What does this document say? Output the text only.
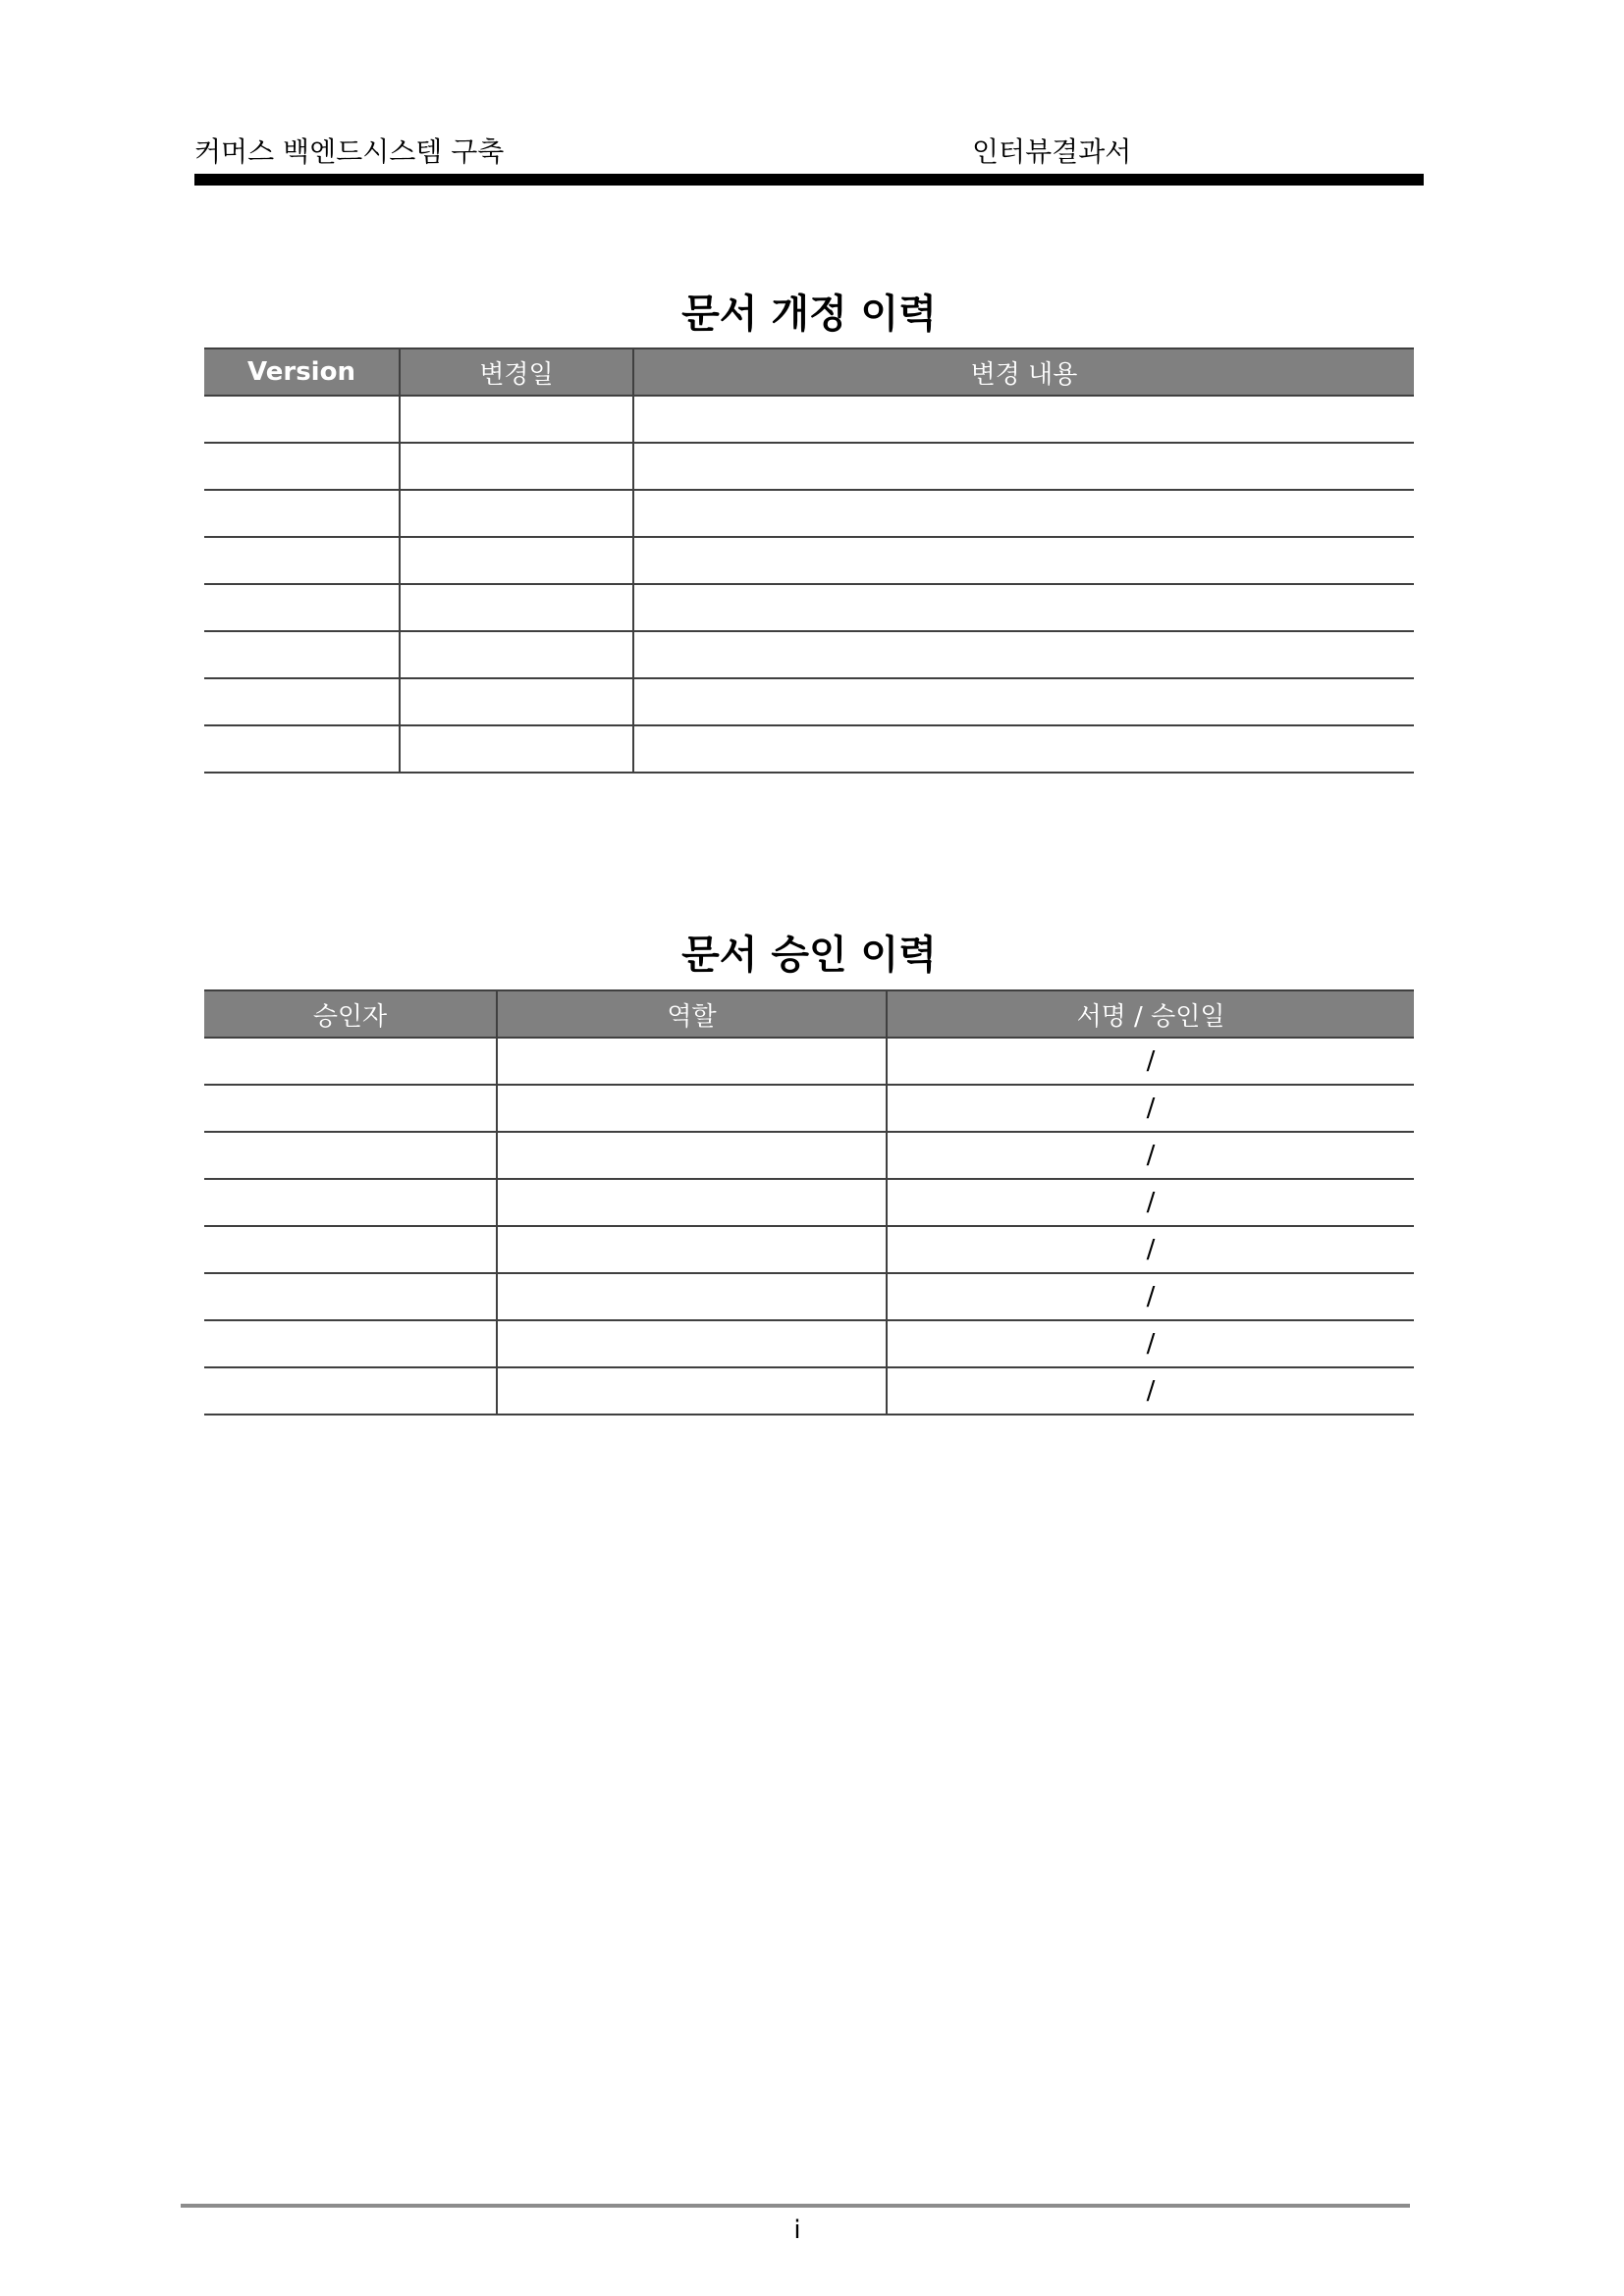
커머스 백엔드시스템 구축	인터뷰결과서
문서 개정 이력
Version	변경일	변경 내용

문서 승인 이력
승인자	역할	서명 / 승인일
		/
		/
		/
		/
		/
		/
		/
		/
i
